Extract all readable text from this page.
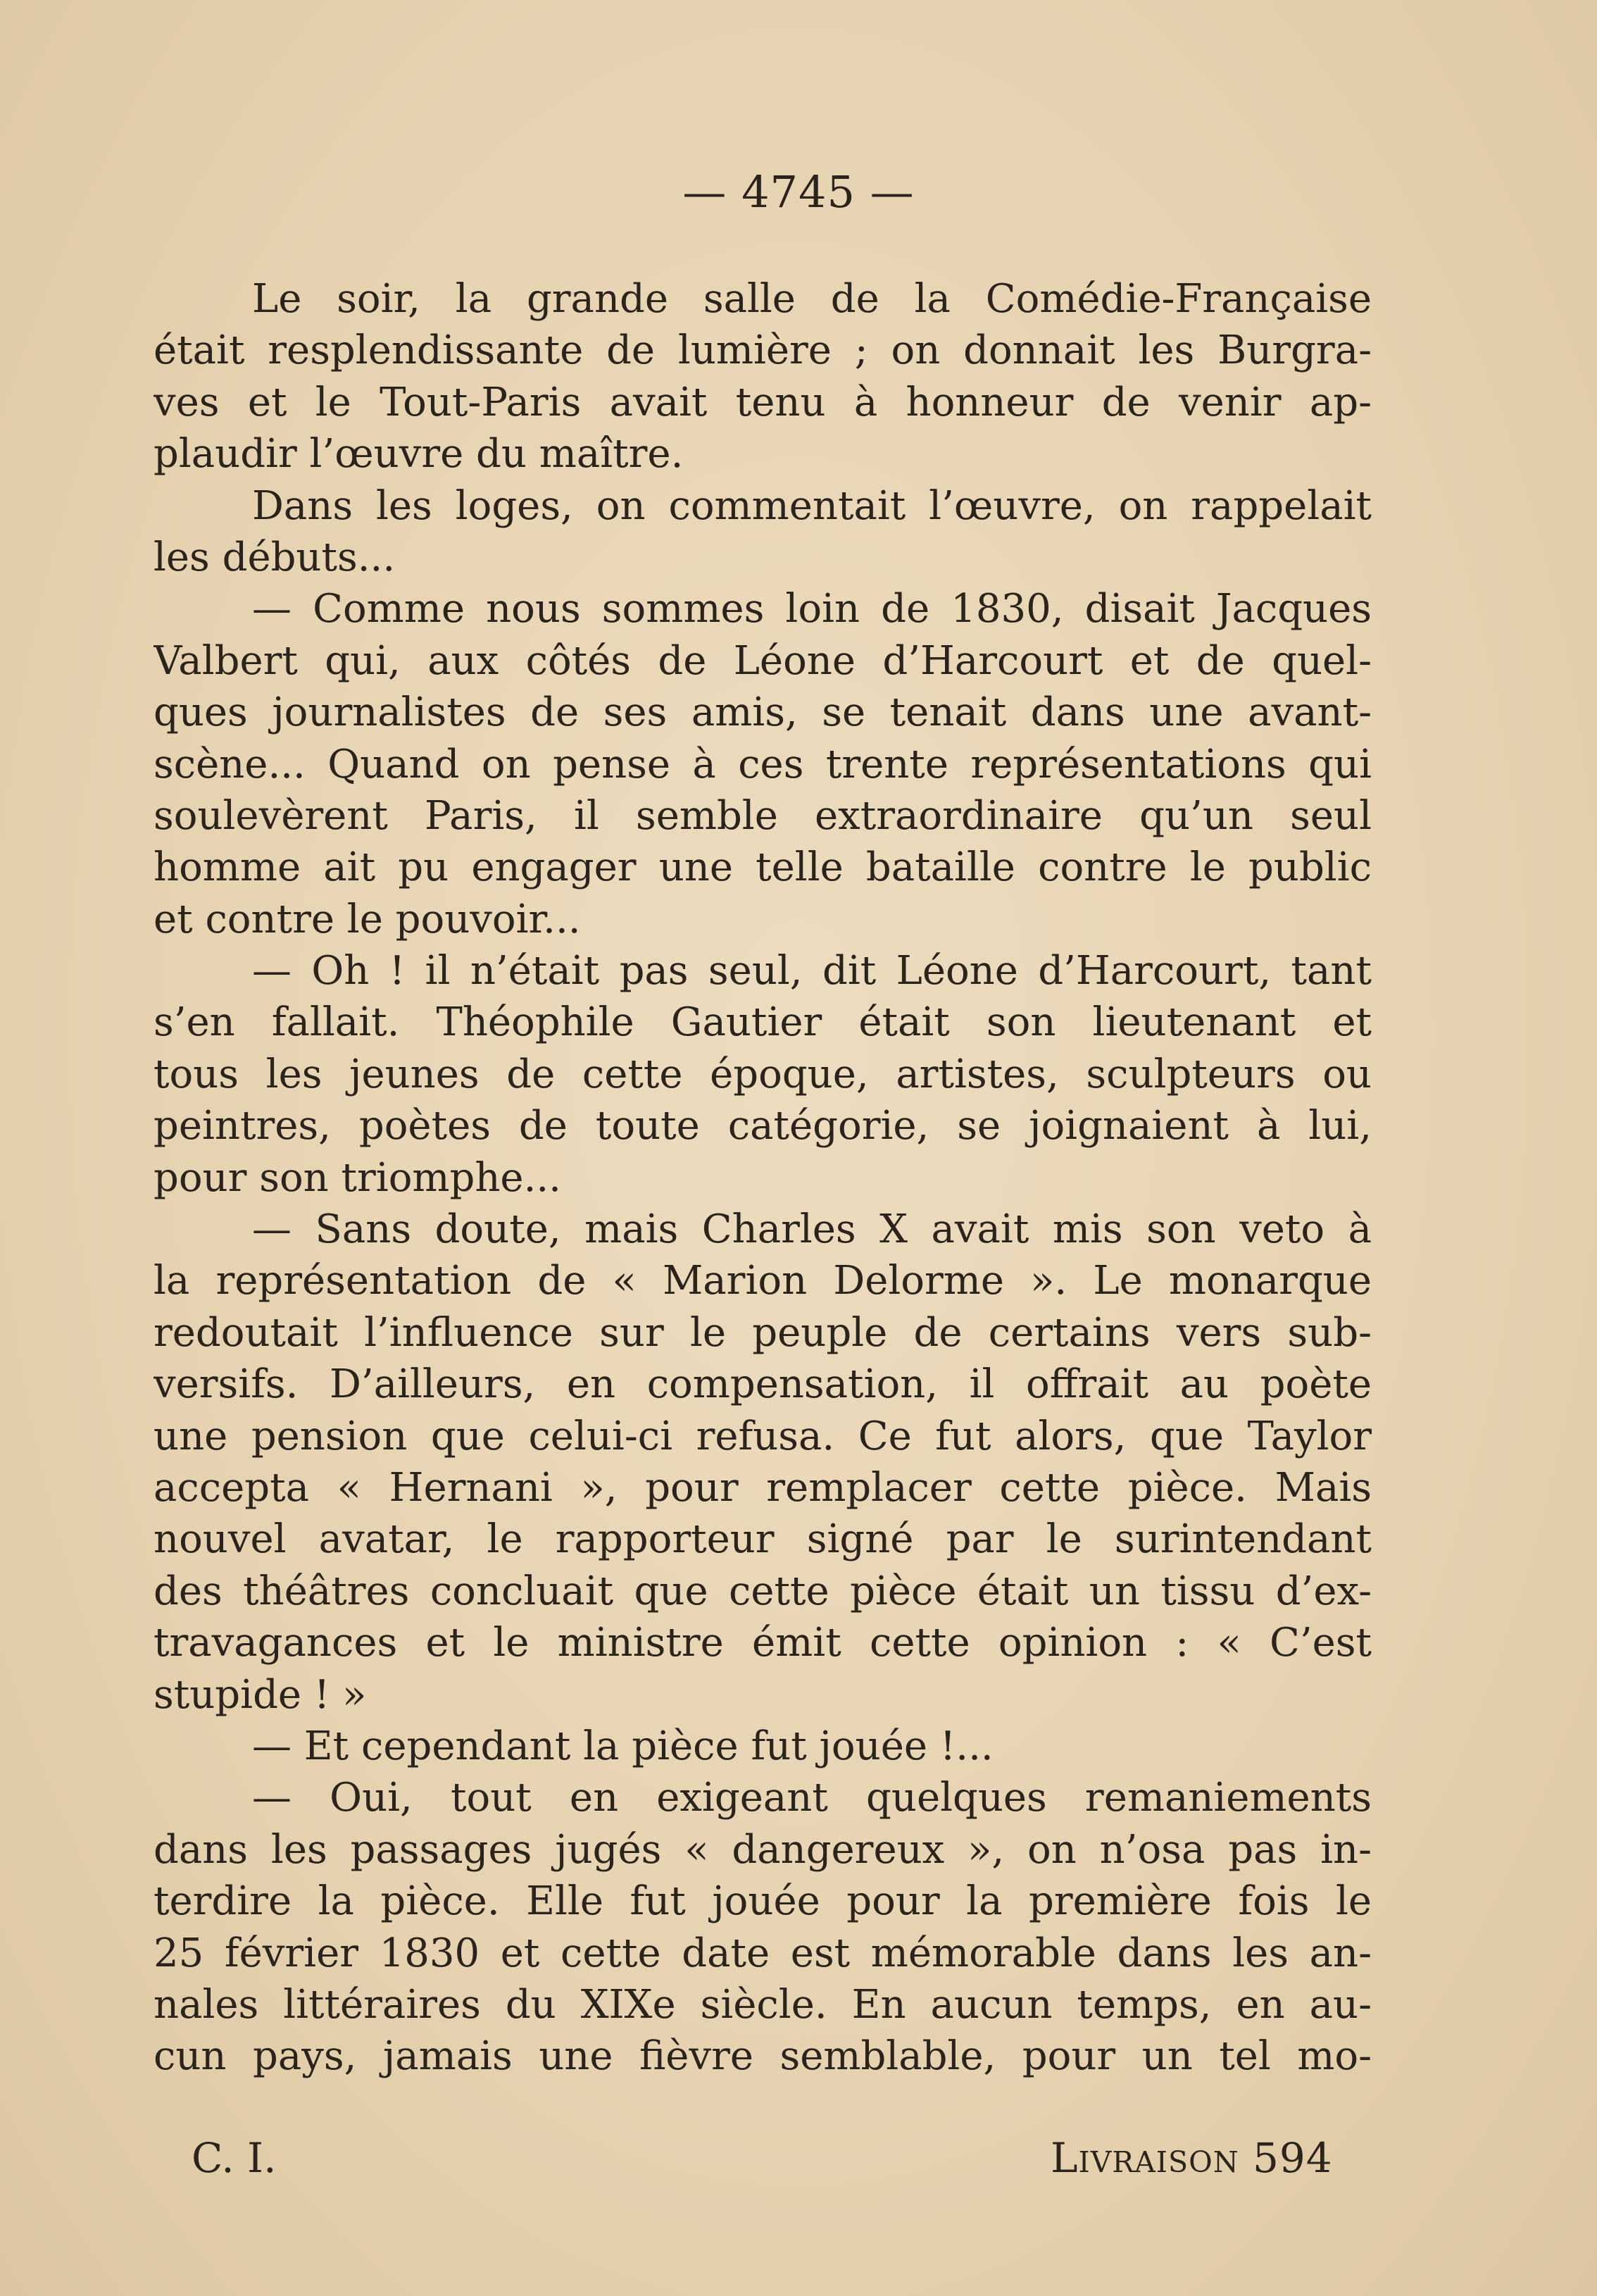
— 4745 —
Le soir, la grande salle de la Comédie-Française
était resplendissante de lumière ; on donnait les Burgra-
ves et le Tout-Paris avait tenu à honneur de venir ap-
plaudir l’œuvre du maître.
Dans les loges, on commentait l’œuvre, on rappelait
les débuts...
— Comme nous sommes loin de 1830, disait Jacques
Valbert qui, aux côtés de Léone d’Harcourt et de quel-
ques journalistes de ses amis, se tenait dans une avant-
scène... Quand on pense à ces trente représentations qui
soulevèrent Paris, il semble extraordinaire qu’un seul
homme ait pu engager une telle bataille contre le public
et contre le pouvoir...
— Oh ! il n’était pas seul, dit Léone d’Harcourt, tant
s’en fallait. Théophile Gautier était son lieutenant et
tous les jeunes de cette époque, artistes, sculpteurs ou
peintres, poètes de toute catégorie, se joignaient à lui,
pour son triomphe...
— Sans doute, mais Charles X avait mis son veto à
la représentation de « Marion Delorme ». Le monarque
redoutait l’influence sur le peuple de certains vers sub-
versifs. D’ailleurs, en compensation, il offrait au poète
une pension que celui-ci refusa. Ce fut alors, que Taylor
accepta « Hernani », pour remplacer cette pièce. Mais
nouvel avatar, le rapporteur signé par le surintendant
des théâtres concluait que cette pièce était un tissu d’ex-
travagances et le ministre émit cette opinion : « C’est
stupide ! »
— Et cependant la pièce fut jouée !...
— Oui, tout en exigeant quelques remaniements
dans les passages jugés « dangereux », on n’osa pas in-
terdire la pièce. Elle fut jouée pour la première fois le
25 février 1830 et cette date est mémorable dans les an-
nales littéraires du XIXe siècle. En aucun temps, en au-
cun pays, jamais une fièvre semblable, pour un tel mo-
C. I.	Livraison 594
